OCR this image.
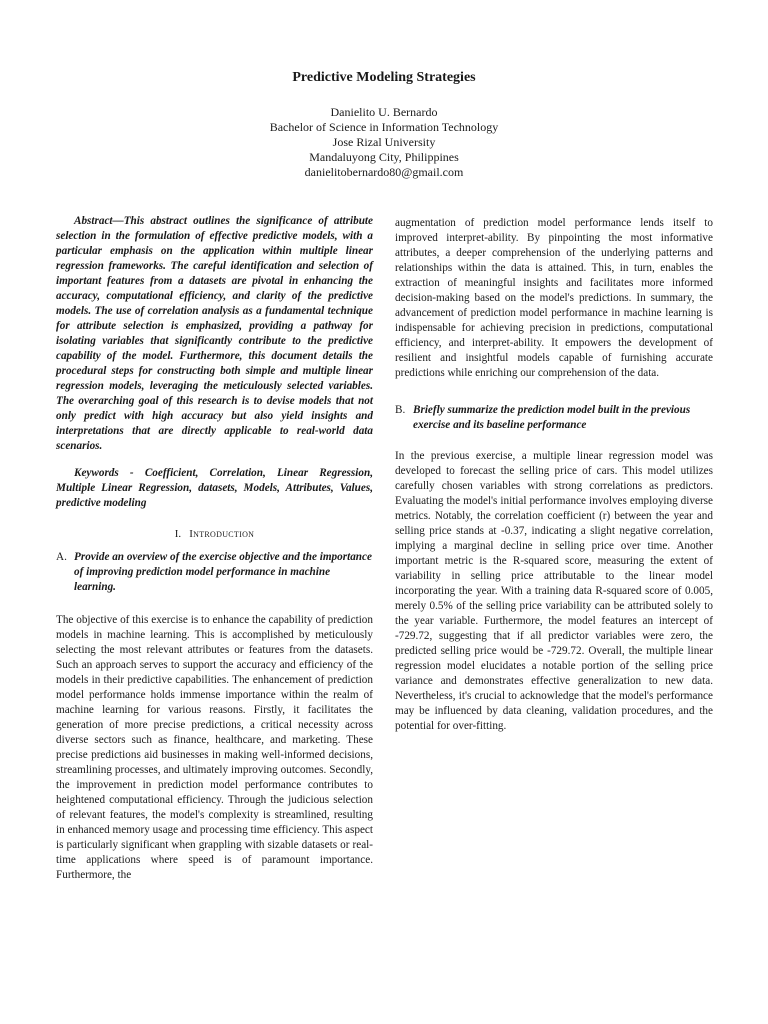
Predictive Modeling Strategies
Danielito U. Bernardo
Bachelor of Science in Information Technology
Jose Rizal University
Mandaluyong City, Philippines
danielitobernardo80@gmail.com

Abstract—This abstract outlines the significance of attribute selection in the formulation of effective predictive models, with a particular emphasis on the application within multiple linear regression frameworks. The careful identification and selection of important features from a datasets are pivotal in enhancing the accuracy, computational efficiency, and clarity of the predictive models. The use of correlation analysis as a fundamental technique for attribute selection is emphasized, providing a pathway for isolating variables that significantly contribute to the predictive capability of the model. Furthermore, this document details the procedural steps for constructing both simple and multiple linear regression models, leveraging the meticulously selected variables. The overarching goal of this research is to devise models that not only predict with high accuracy but also yield insights and interpretations that are directly applicable to real-world data scenarios.

Keywords - Coefficient, Correlation, Linear Regression, Multiple Linear Regression, datasets, Models, Attributes, Values, predictive modeling

I. Introduction
A. Provide an overview of the exercise objective and the importance of improving prediction model performance in machine learning.

The objective of this exercise is to enhance the capability of prediction models in machine learning. This is accomplished by meticulously selecting the most relevant attributes or features from the datasets. Such an approach serves to support the accuracy and efficiency of the models in their predictive capabilities. The enhancement of prediction model performance holds immense importance within the realm of machine learning for various reasons. Firstly, it facilitates the generation of more precise predictions, a critical necessity across diverse sectors such as finance, healthcare, and marketing. These precise predictions aid businesses in making well-informed decisions, streamlining processes, and ultimately improving outcomes. Secondly, the improvement in prediction model performance contributes to heightened computational efficiency. Through the judicious selection of relevant features, the model's complexity is streamlined, resulting in enhanced memory usage and processing time efficiency. This aspect is particularly significant when grappling with sizable datasets or real-time applications where speed is of paramount importance. Furthermore, the

augmentation of prediction model performance lends itself to improved interpret-ability. By pinpointing the most informative attributes, a deeper comprehension of the underlying patterns and relationships within the data is attained. This, in turn, enables the extraction of meaningful insights and facilitates more informed decision-making based on the model's predictions. In summary, the advancement of prediction model performance in machine learning is indispensable for achieving precision in predictions, computational efficiency, and interpret-ability. It empowers the development of resilient and insightful models capable of furnishing accurate predictions while enriching our comprehension of the data.

B. Briefly summarize the prediction model built in the previous exercise and its baseline performance

In the previous exercise, a multiple linear regression model was developed to forecast the selling price of cars. This model utilizes carefully chosen variables with strong correlations as predictors. Evaluating the model's initial performance involves employing diverse metrics. Notably, the correlation coefficient (r) between the year and selling price stands at -0.37, indicating a slight negative correlation, implying a marginal decline in selling price over time. Another important metric is the R-squared score, measuring the extent of variability in selling price attributable to the linear model incorporating the year. With a training data R-squared score of 0.005, merely 0.5% of the selling price variability can be attributed solely to the year variable. Furthermore, the model features an intercept of -729.72, suggesting that if all predictor variables were zero, the predicted selling price would be -729.72. Overall, the multiple linear regression model elucidates a notable portion of the selling price variance and demonstrates effective generalization to new data. Nevertheless, it's crucial to acknowledge that the model's performance may be influenced by data cleaning, validation procedures, and the potential for over-fitting.
